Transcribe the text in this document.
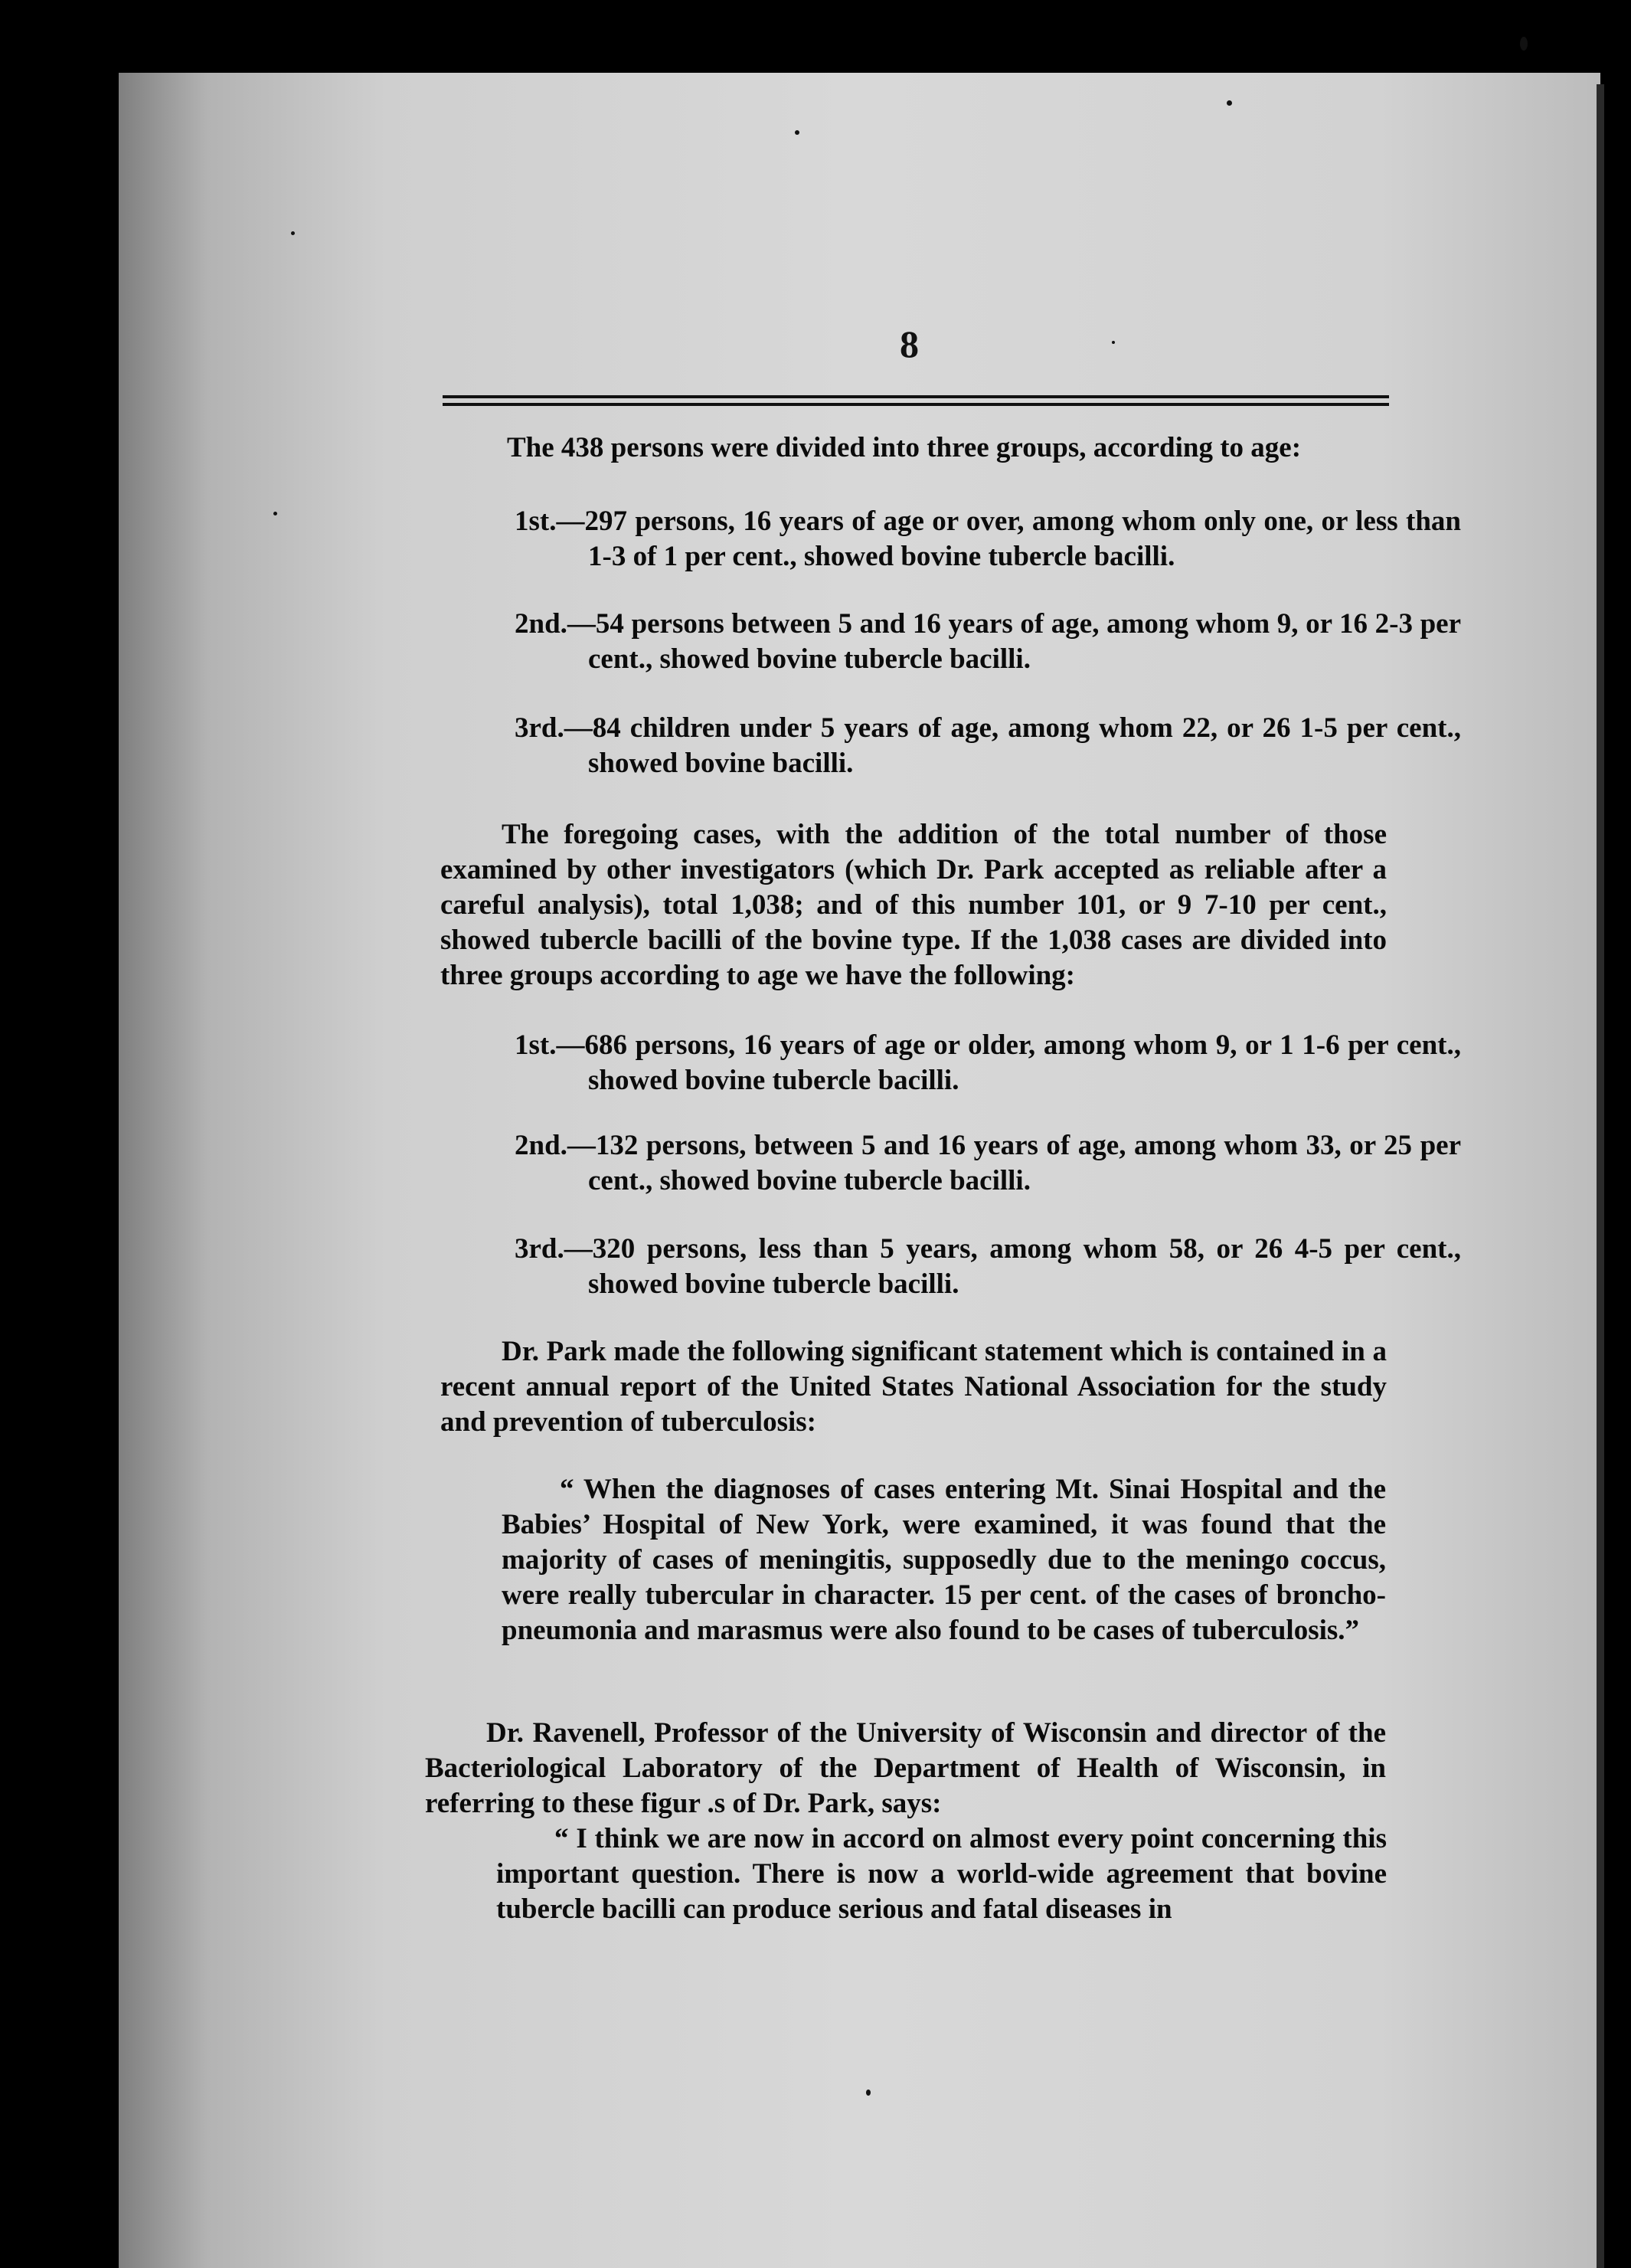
8

The 438 persons were divided into three groups, according to age:

1st.—297 persons, 16 years of age or over, among whom only one, or less than 1-3 of 1 per cent., showed bovine tubercle bacilli.

2nd.—54 persons between 5 and 16 years of age, among whom 9, or 16 2-3 per cent., showed bovine tubercle bacilli.

3rd.—84 children under 5 years of age, among whom 22, or 26 1-5 per cent., showed bovine bacilli.

The foregoing cases, with the addition of the total number of those examined by other investigators (which Dr. Park accepted as reliable after a careful analysis), total 1,038; and of this number 101, or 9 7-10 per cent., showed tubercle bacilli of the bovine type. If the 1,038 cases are divided into three groups according to age we have the following:

1st.—686 persons, 16 years of age or older, among whom 9, or 1 1-6 per cent., showed bovine tubercle bacilli.

2nd.—132 persons, between 5 and 16 years of age, among whom 33, or 25 per cent., showed bovine tubercle bacilli.

3rd.—320 persons, less than 5 years, among whom 58, or 26 4-5 per cent., showed bovine tubercle bacilli.

Dr. Park made the following significant statement which is contained in a recent annual report of the United States National Association for the study and prevention of tuberculosis:

“ When the diagnoses of cases entering Mt. Sinai Hospital and the Babies’ Hospital of New York, were examined, it was found that the majority of cases of meningitis, supposedly due to the meningo coccus, were really tubercular in character. 15 per cent. of the cases of broncho-pneumonia and marasmus were also found to be cases of tuberculosis.”

Dr. Ravenell, Professor of the University of Wisconsin and director of the Bacteriological Laboratory of the Department of Health of Wisconsin, in referring to these figur .s of Dr. Park, says:

“ I think we are now in accord on almost every point concerning this important question. There is now a world-wide agreement that bovine tubercle bacilli can produce serious and fatal diseases in
